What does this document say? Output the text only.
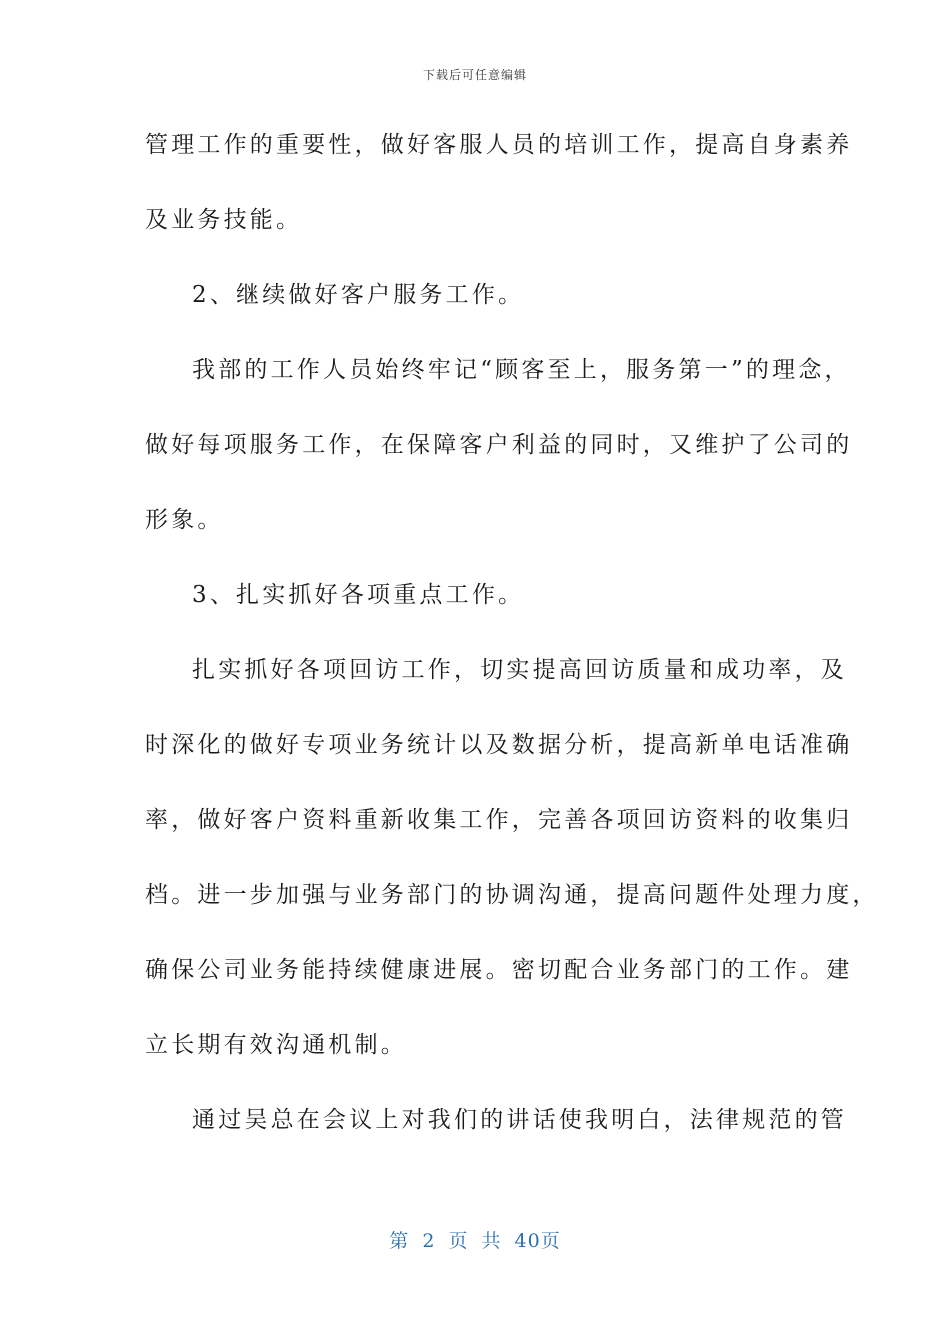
下载后可任意编辑
管理工作的重要性，做好客服人员的培训工作，提高自身素养
及业务技能。
2、继续做好客户服务工作。
我部的工作人员始终牢记“顾客至上，服务第一”的理念，
做好每项服务工作，在保障客户利益的同时，又维护了公司的
形象。
3、扎实抓好各项重点工作。
扎实抓好各项回访工作，切实提高回访质量和成功率，及
时深化的做好专项业务统计以及数据分析，提高新单电话准确
率，做好客户资料重新收集工作，完善各项回访资料的收集归
档。进一步加强与业务部门的协调沟通，提高问题件处理力度，
确保公司业务能持续健康进展。密切配合业务部门的工作。建
立长期有效沟通机制。
通过吴总在会议上对我们的讲话使我明白，法律规范的管
第 2 页 共 40页
